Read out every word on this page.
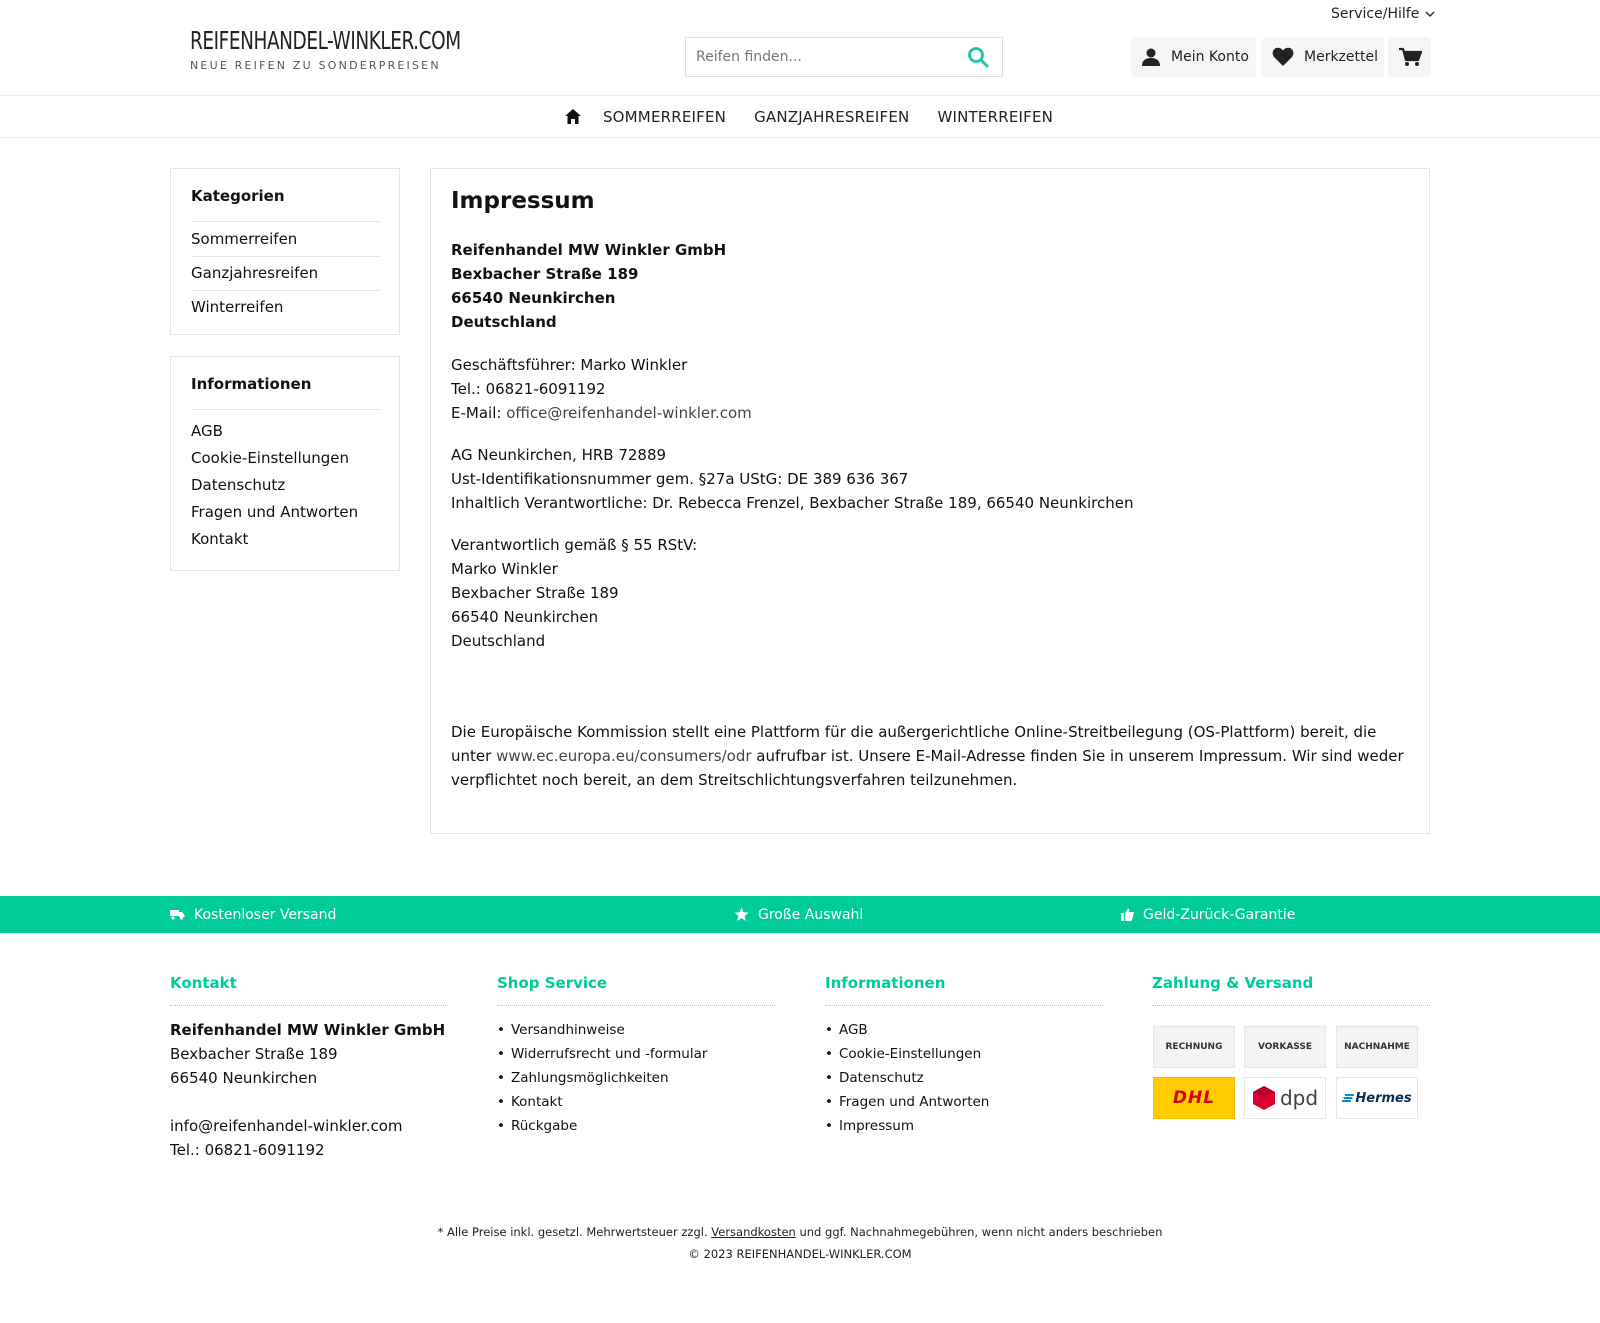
REIFENHANDEL-WINKLER.COM
NEUE REIFEN ZU SONDERPREISEN
Service/Hilfe
Reifen finden...
Mein Konto	Merkzettel
SOMMERREIFEN GANZJAHRESREIFEN WINTERREIFEN
Kategorien
Sommerreifen
Ganzjahresreifen
Winterreifen
Informationen
AGB
Cookie-Einstellungen
Datenschutz
Fragen und Antworten
Kontakt
Impressum
Reifenhandel MW Winkler GmbH
Bexbacher Straße 189
66540 Neunkirchen
Deutschland
Geschäftsführer: Marko Winkler
Tel.: 06821-6091192
E-Mail: office@reifenhandel-winkler.com
AG Neunkirchen, HRB 72889
Ust-Identifikationsnummer gem. §27a UStG: DE 389 636 367
Inhaltlich Verantwortliche: Dr. Rebecca Frenzel, Bexbacher Straße 189, 66540 Neunkirchen
Verantwortlich gemäß § 55 RStV:
Marko Winkler
Bexbacher Straße 189
66540 Neunkirchen
Deutschland
Die Europäische Kommission stellt eine Plattform für die außergerichtliche Online-Streitbeilegung (OS-Plattform) bereit, die unter www.ec.europa.eu/consumers/odr aufrufbar ist. Unsere E-Mail-Adresse finden Sie in unserem Impressum. Wir sind weder verpflichtet noch bereit, an dem Streitschlichtungsverfahren teilzunehmen.
Kostenloser Versand	Große Auswahl	Geld-Zurück-Garantie
Kontakt
Reifenhandel MW Winkler GmbH
Bexbacher Straße 189
66540 Neunkirchen
info@reifenhandel-winkler.com
Tel.: 06821-6091192
Shop Service
• Versandhinweise
• Widerrufsrecht und -formular
• Zahlungsmöglichkeiten
• Kontakt
• Rückgabe
Informationen
• AGB
• Cookie-Einstellungen
• Datenschutz
• Fragen und Antworten
• Impressum
Zahlung & Versand
RECHNUNG	VORKASSE	NACHNAHME
DHL	dpd	Hermes
* Alle Preise inkl. gesetzl. Mehrwertsteuer zzgl. Versandkosten und ggf. Nachnahmegebühren, wenn nicht anders beschrieben
© 2023 REIFENHANDEL-WINKLER.COM
